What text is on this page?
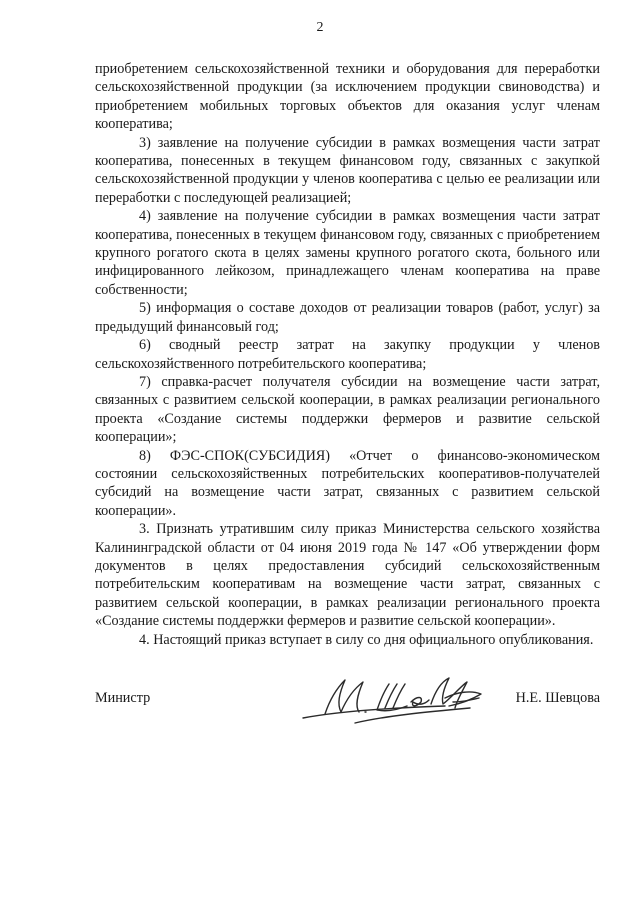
2

приобретением сельскохозяйственной техники и оборудования для переработки сельскохозяйственной продукции (за исключением продукции свиноводства) и приобретением мобильных торговых объектов для оказания услуг членам кооператива;

3) заявление на получение субсидии в рамках возмещения части затрат кооператива, понесенных в текущем финансовом году, связанных с закупкой сельскохозяйственной продукции у членов кооператива с целью ее реализации или переработки с последующей реализацией;

4) заявление на получение субсидии в рамках возмещения части затрат кооператива, понесенных в текущем финансовом году, связанных с приобретением крупного рогатого скота в целях замены крупного рогатого скота, больного или инфицированного лейкозом, принадлежащего членам кооператива на праве собственности;

5) информация о составе доходов от реализации товаров (работ, услуг) за предыдущий финансовый год;

6) сводный реестр затрат на закупку продукции у членов сельскохозяйственного потребительского кооператива;

7) справка-расчет получателя субсидии на возмещение части затрат, связанных с развитием сельской кооперации, в рамках реализации регионального проекта «Создание системы поддержки фермеров и развитие сельской кооперации»;

8) ФЭС-СПОК(СУБСИДИЯ) «Отчет о финансово-экономическом состоянии сельскохозяйственных потребительских кооперативов-получателей субсидий на возмещение части затрат, связанных с развитием сельской кооперации».

3. Признать утратившим силу приказ Министерства сельского хозяйства Калининградской области от 04 июня 2019 года № 147 «Об утверждении форм документов в целях предоставления субсидий сельскохозяйственным потребительским кооперативам на возмещение части затрат, связанных с развитием сельской кооперации, в рамках реализации регионального проекта «Создание системы поддержки фермеров и развитие сельской кооперации».

4. Настоящий приказ вступает в силу со дня официального опубликования.

Министр	Н.Е. Шевцова
